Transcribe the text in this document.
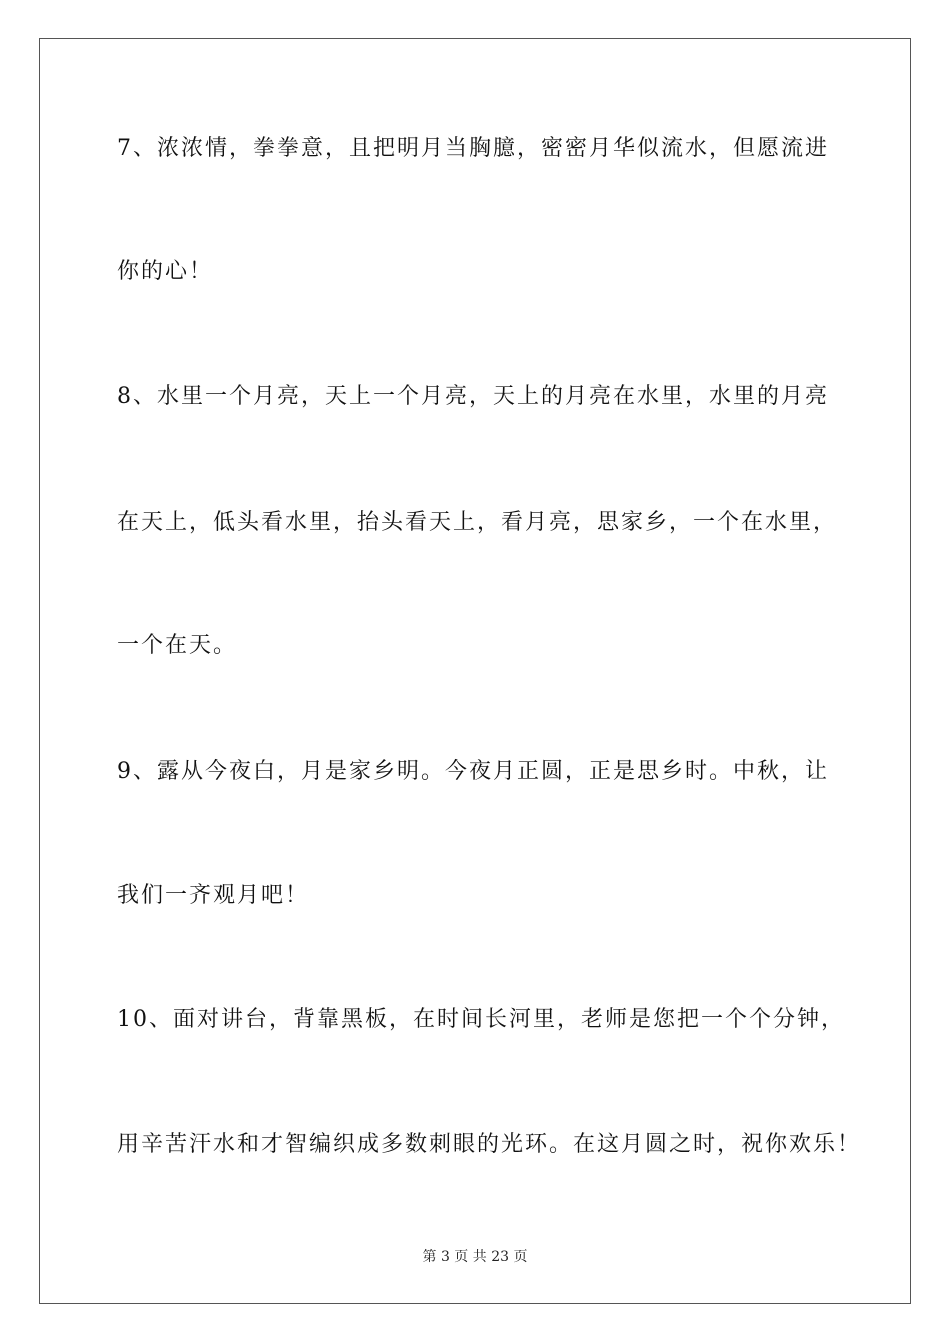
7、浓浓情，拳拳意，且把明月当胸臆，密密月华似流水，但愿流进
你的心！
8、水里一个月亮，天上一个月亮，天上的月亮在水里，水里的月亮
在天上，低头看水里，抬头看天上，看月亮，思家乡，一个在水里，
一个在天。
9、露从今夜白，月是家乡明。今夜月正圆，正是思乡时。中秋，让
我们一齐观月吧！
10、面对讲台，背靠黑板，在时间长河里，老师是您把一个个分钟，
用辛苦汗水和才智编织成多数刺眼的光环。在这月圆之时，祝你欢乐！
第 3 页 共 23 页
